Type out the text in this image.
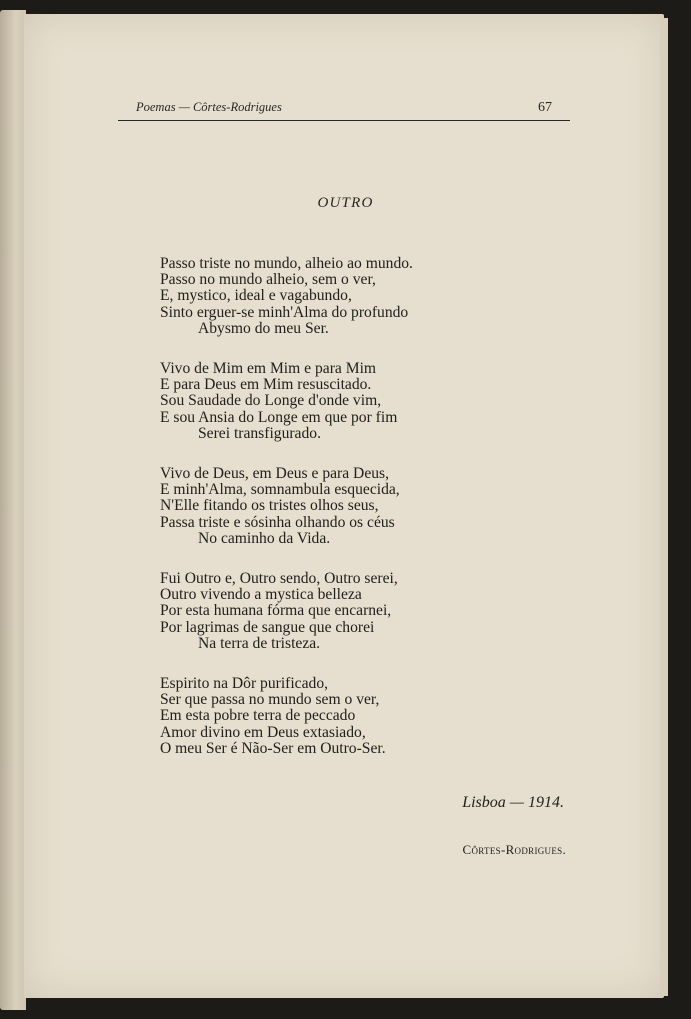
Poemas — Côrtes-Rodrigues	67
OUTRO
Passo triste no mundo, alheio ao mundo.
Passo no mundo alheio, sem o ver,
E, mystico, ideal e vagabundo,
Sinto erguer-se minh'Alma do profundo
Abysmo do meu Ser.
Vivo de Mim em Mim e para Mim
E para Deus em Mim resuscitado.
Sou Saudade do Longe d'onde vim,
E sou Ansia do Longe em que por fim
Serei transfigurado.
Vivo de Deus, em Deus e para Deus,
E minh'Alma, somnambula esquecida,
N'Elle fitando os tristes olhos seus,
Passa triste e sósinha olhando os céus
No caminho da Vida.
Fui Outro e, Outro sendo, Outro serei,
Outro vivendo a mystica belleza
Por esta humana fórma que encarnei,
Por lagrimas de sangue que chorei
Na terra de tristeza.
Espirito na Dôr purificado,
Ser que passa no mundo sem o ver,
Em esta pobre terra de peccado
Amor divino em Deus extasiado,
O meu Ser é Não-Ser em Outro-Ser.
Lisboa — 1914.
Côrtes-Rodrigues.
